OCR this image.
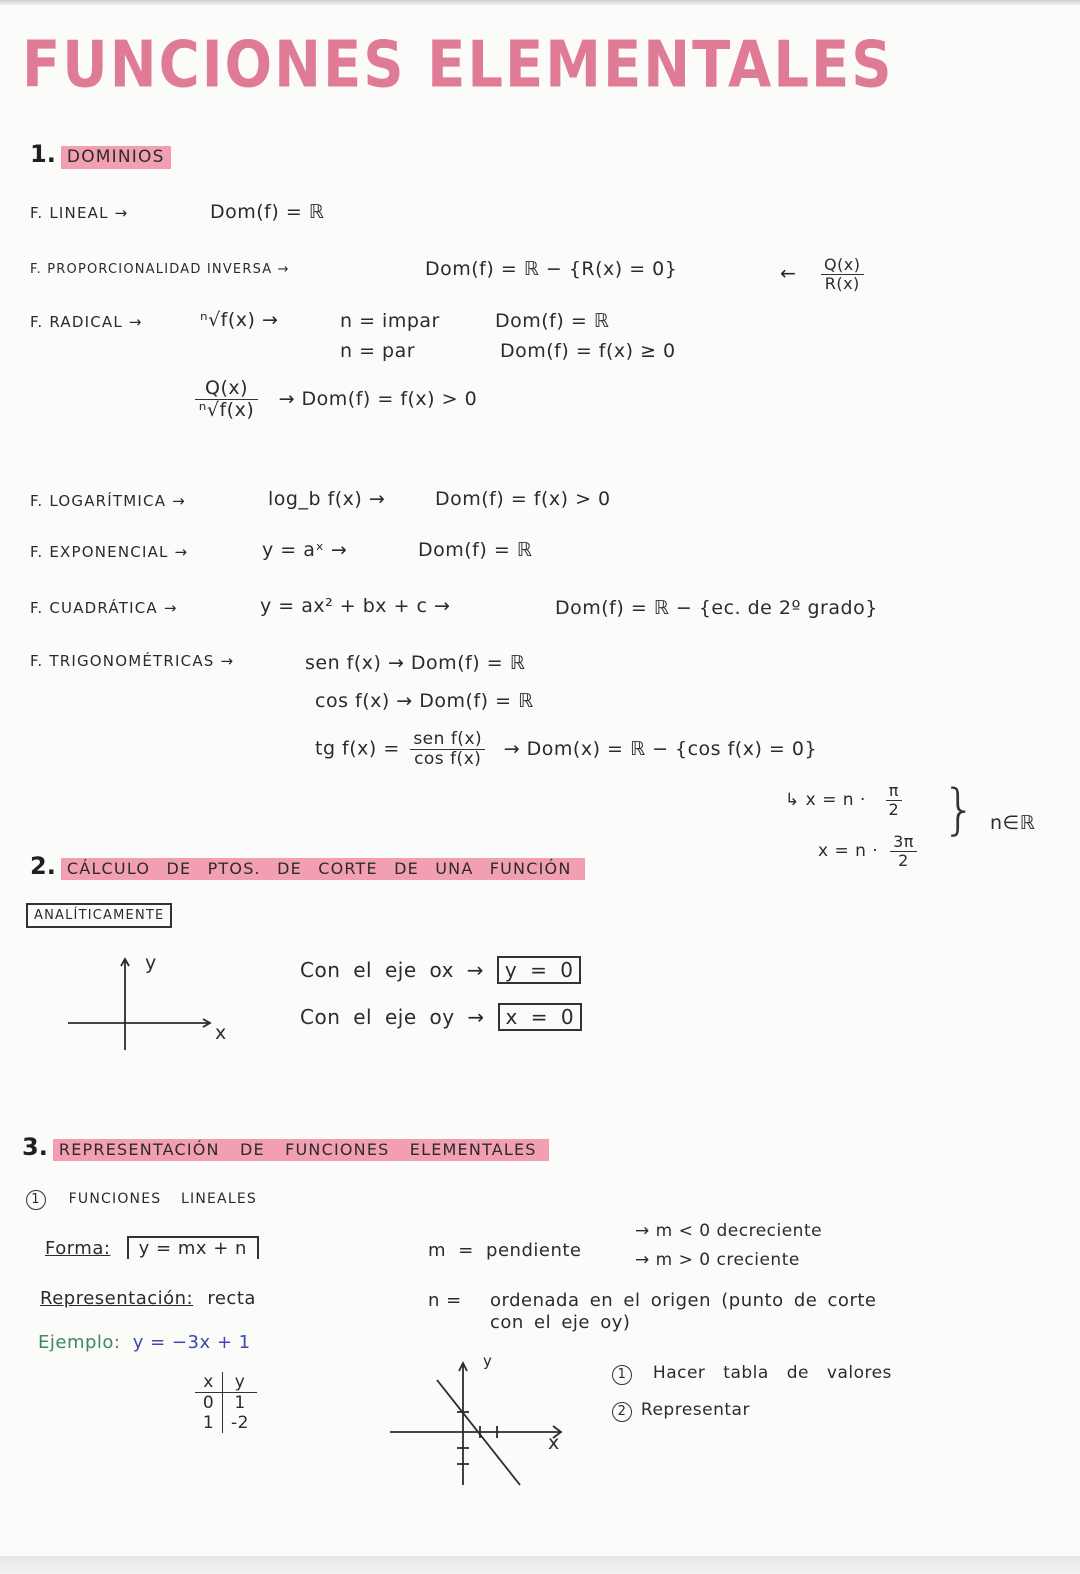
FUNCIONES ELEMENTALES
1. DOMINIOS
F. LINEAL →	Dom(f) = ℝ
F. PROPORCIONALIDAD INVERSA →	Dom(f) = ℝ − {R(x) = 0}	← $\frac{Q(x)}{R(x)}$
F. RADICAL →	ⁿ√f(x) →	n = impar	Dom(f) = ℝ
n = par	Dom(f) = f(x) ≥ 0
$\frac{Q(x)}{\text{ⁿ√f(x)}} \to Dom(f) = f(x) > 0$
F. LOGARÍTMICA →	log_b f(x) →	Dom(f) = f(x) > 0
F. EXPONENCIAL →	y = aˣ →	Dom(f) = ℝ
F. CUADRÁTICA →	y = ax² + bx + c →	Dom(f) = ℝ − {ec. de 2º grado}
F. TRIGONOMÉTRICAS →	sen f(x) → Dom(f) = ℝ
cos f(x) → Dom(f) = ℝ
tg $f(x) = \frac{\text{sen f(x)}}{\text{cos f(x)}} \to Dom(x)$ = ℝ − {cos f(x) = 0}
↳ $x = n \cdot \frac{\pi}{2}$
$x = n \cdot \frac{3\pi}{2}$
} n∈ℝ
2. CÁLCULO DE PTOS. DE CORTE DE UNA FUNCIÓN
ANALÍTICAMENTE
y
x
Con el eje ox → y = 0
Con el eje oy → x = 0
3. REPRESENTACIÓN DE FUNCIONES ELEMENTALES
1 FUNCIONES LINEALES
Forma: y = mx + n
Representación: recta
Ejemplo: y = −3x + 1
m = pendiente
→ m < 0 decreciente
→ m > 0 creciente
n = ordenada en el origen (punto de corte
con el eje oy)
x	y
0	1
1 -2
y
x
1 Hacer tabla de valores
2 Representar
